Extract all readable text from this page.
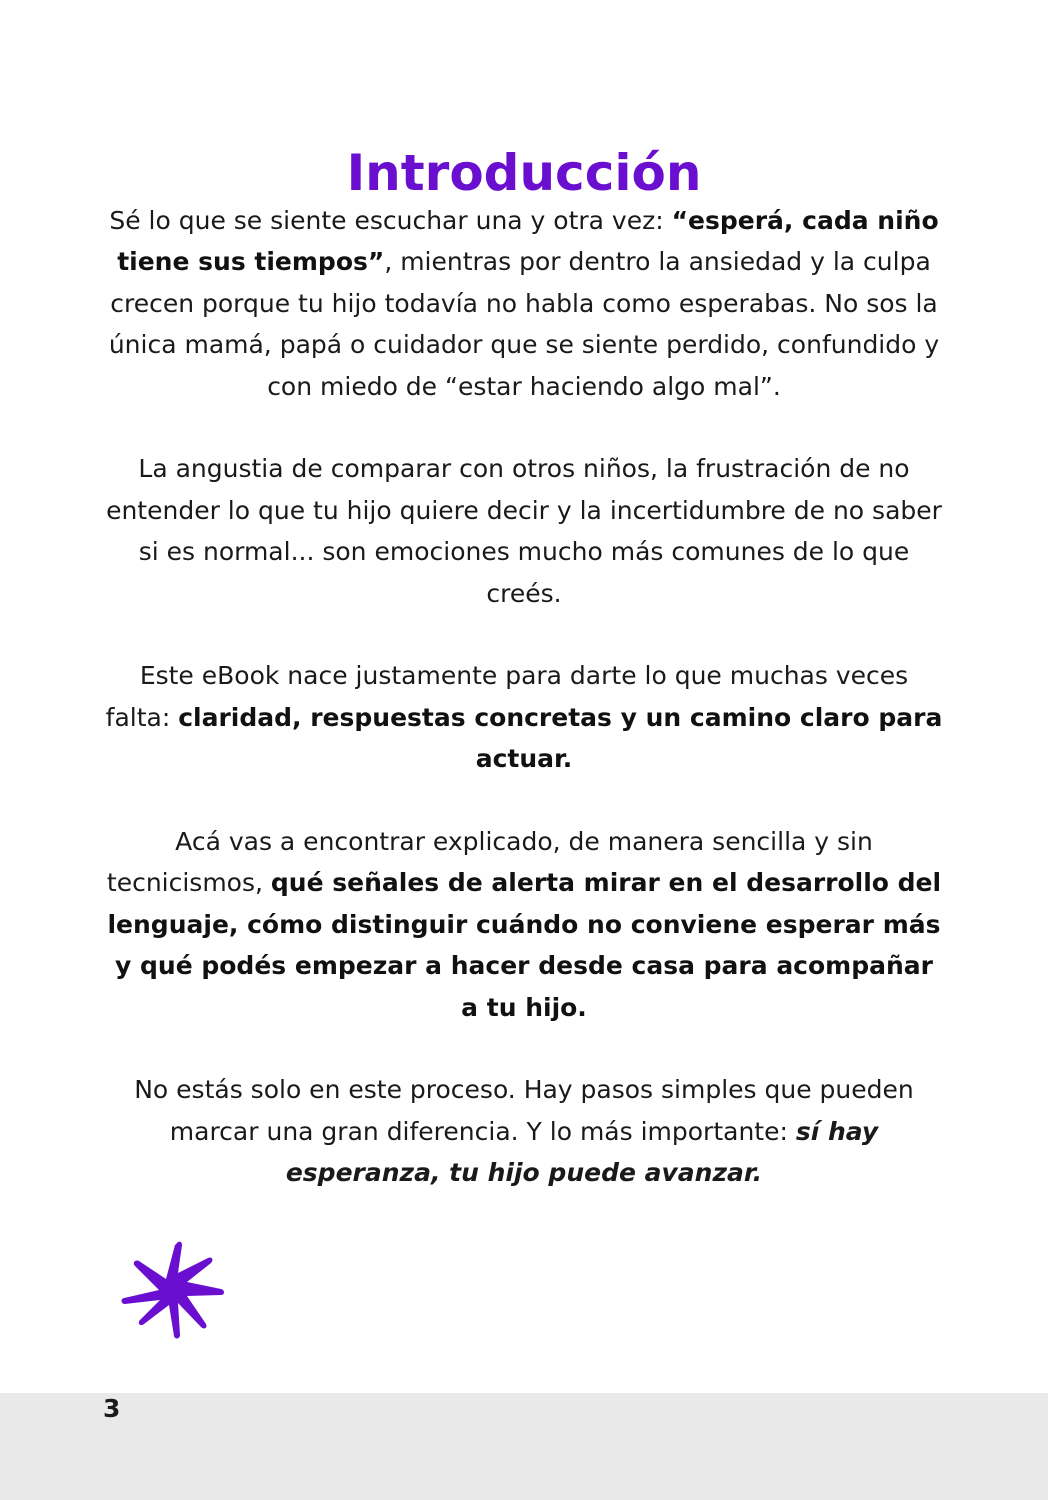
Introducción

Sé lo que se siente escuchar una y otra vez: “esperá, cada niño tiene sus tiempos”, mientras por dentro la ansiedad y la culpa crecen porque tu hijo todavía no habla como esperabas. No sos la única mamá, papá o cuidador que se siente perdido, confundido y con miedo de “estar haciendo algo mal”.

La angustia de comparar con otros niños, la frustración de no entender lo que tu hijo quiere decir y la incertidumbre de no saber si es normal... son emociones mucho más comunes de lo que creés.

Este eBook nace justamente para darte lo que muchas veces falta: claridad, respuestas concretas y un camino claro para actuar.

Acá vas a encontrar explicado, de manera sencilla y sin tecnicismos, qué señales de alerta mirar en el desarrollo del lenguaje, cómo distinguir cuándo no conviene esperar más y qué podés empezar a hacer desde casa para acompañar a tu hijo.

No estás solo en este proceso. Hay pasos simples que pueden marcar una gran diferencia. Y lo más importante: sí hay esperanza, tu hijo puede avanzar.

3
